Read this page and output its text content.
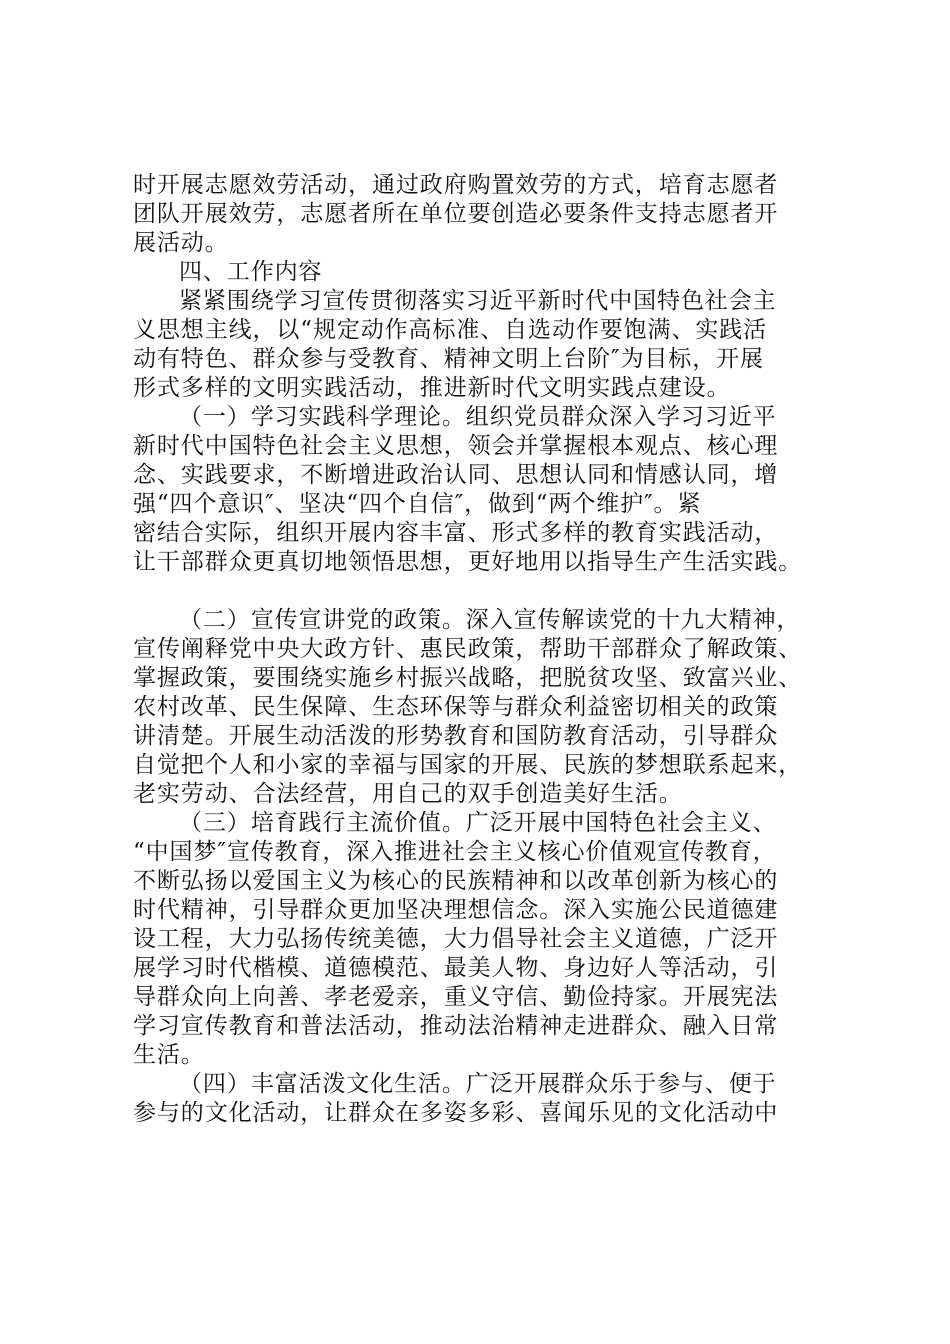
时开展志愿效劳活动，通过政府购置效劳的方式，培育志愿者
团队开展效劳，志愿者所在单位要创造必要条件支持志愿者开
展活动。
四、工作内容
紧紧围绕学习宣传贯彻落实习近平新时代中国特色社会主
义思想主线，以“规定动作高标准、自选动作要饱满、实践活
动有特色、群众参与受教育、精神文明上台阶″为目标，开展
形式多样的文明实践活动，推进新时代文明实践点建设。
（一）学习实践科学理论。组织党员群众深入学习习近平
新时代中国特色社会主义思想，领会并掌握根本观点、核心理
念、实践要求，不断增进政治认同、思想认同和情感认同，增
强“四个意识″、坚决“四个自信″，做到“两个维护″。紧
密结合实际，组织开展内容丰富、形式多样的教育实践活动，
让干部群众更真切地领悟思想，更好地用以指导生产生活实践。
（二）宣传宣讲党的政策。深入宣传解读党的十九大精神，
宣传阐释党中央大政方针、惠民政策，帮助干部群众了解政策、
掌握政策，要围绕实施乡村振兴战略，把脱贫攻坚、致富兴业、
农村改革、民生保障、生态环保等与群众利益密切相关的政策
讲清楚。开展生动活泼的形势教育和国防教育活动，引导群众
自觉把个人和小家的幸福与国家的开展、民族的梦想联系起来，
老实劳动、合法经营，用自己的双手创造美好生活。
（三）培育践行主流价值。广泛开展中国特色社会主义、
“中国梦″宣传教育，深入推进社会主义核心价值观宣传教育，
不断弘扬以爱国主义为核心的民族精神和以改革创新为核心的
时代精神，引导群众更加坚决理想信念。深入实施公民道德建
设工程，大力弘扬传统美德，大力倡导社会主义道德，广泛开
展学习时代楷模、道德模范、最美人物、身边好人等活动，引
导群众向上向善、孝老爱亲，重义守信、勤俭持家。开展宪法
学习宣传教育和普法活动，推动法治精神走进群众、融入日常
生活。
（四）丰富活泼文化生活。广泛开展群众乐于参与、便于
参与的文化活动，让群众在多姿多彩、喜闻乐见的文化活动中
